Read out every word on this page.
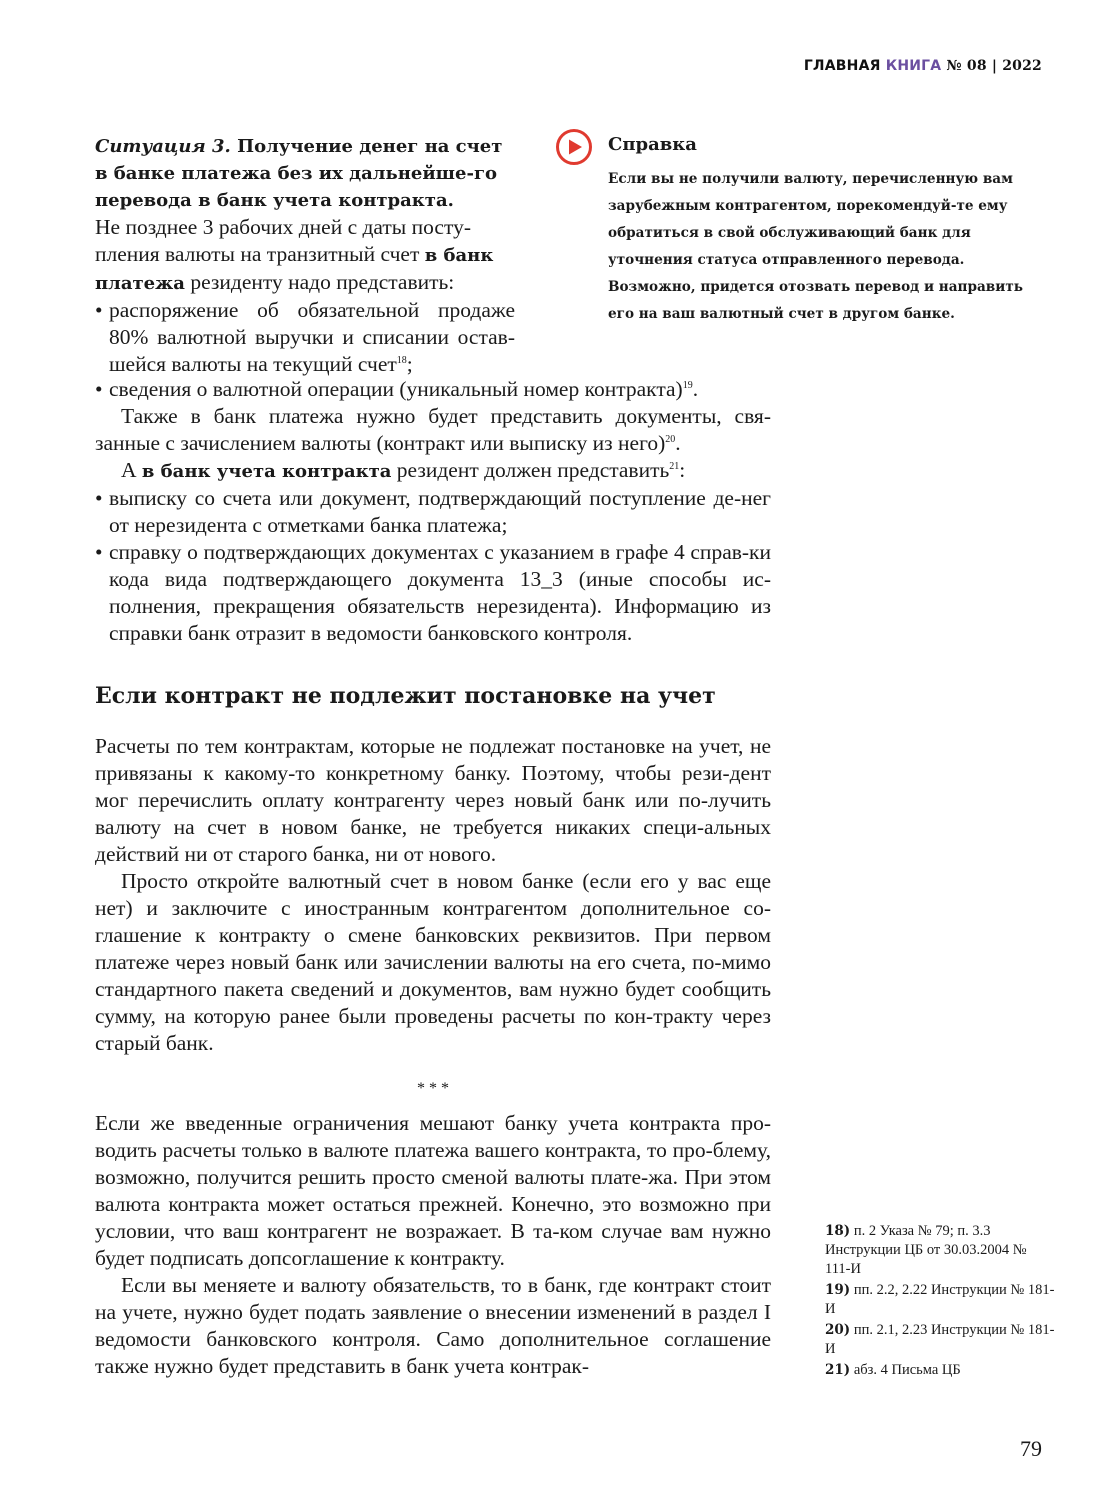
ГЛАВНАЯ КНИГА № 08 | 2022

Ситуация 3. Получение денег на счет в банке платежа без их дальнейше-го перевода в банк учета контракта.

Не позднее 3 рабочих дней с даты посту-пления валюты на транзитный счет в банк платежа резиденту надо представить:

• распоряжение об обязательной продаже 80% валютной выручки и списании остав-шейся валюты на текущий счет$^{18}$;
• сведения о валютной операции (уникальный номер контракта)$^{19}$.

Также в банк платежа нужно будет представить документы, свя-занные с зачислением валюты (контракт или выписку из него)$^{20}$.

А в банк учета контракта резидент должен представить$^{21}$:

• выписку со счета или документ, подтверждающий поступление де-нег от нерезидента с отметками банка платежа;
• справку о подтверждающих документах с указанием в графе 4 справ-ки кода вида подтверждающего документа 13_3 (иные способы ис-полнения, прекращения обязательств нерезидента). Информацию из справки банк отразит в ведомости банковского контроля.
Справка
Если вы не получили валюту, перечисленную вам зарубежным контрагентом, порекомендуй-те ему обратиться в свой обслуживающий банк для уточнения статуса отправленного перевода. Возможно, придется отозвать перевод и направить его на ваш валютный счет в другом банке.
Если контракт не подлежит постановке на учет

Расчеты по тем контрактам, которые не подлежат постановке на учет, не привязаны к какому-то конкретному банку. Поэтому, чтобы рези-дент мог перечислить оплату контрагенту через новый банк или по-лучить валюту на счет в новом банке, не требуется никаких специ-альных действий ни от старого банка, ни от нового.

Просто откройте валютный счет в новом банке (если его у вас еще нет) и заключите с иностранным контрагентом дополнительное со-глашение к контракту о смене банковских реквизитов. При первом платеже через новый банк или зачислении валюты на его счета, по-мимо стандартного пакета сведений и документов, вам нужно будет сообщить сумму, на которую ранее были проведены расчеты по кон-тракту через старый банк.

* * *

Если же введенные ограничения мешают банку учета контракта про-водить расчеты только в валюте платежа вашего контракта, то про-блему, возможно, получится решить просто сменой валюты плате-жа. При этом валюта контракта может остаться прежней. Конечно, это возможно при условии, что ваш контрагент не возражает. В та-ком случае вам нужно будет подписать допсоглашение к контракту.

Если вы меняете и валюту обязательств, то в банк, где контракт стоит на учете, нужно будет подать заявление о внесении изменений в раздел I ведомости банковского контроля. Само дополнительное соглашение также нужно будет представить в банк учета контрак-

18) п. 2 Указа № 79; п. 3.3 Инструкции ЦБ от 30.03.2004 № 111-И

19) пп. 2.2, 2.22 Инструкции № 181-И

20) пп. 2.1, 2.23 Инструкции № 181-И

21) абз. 4 Письма ЦБ

79
